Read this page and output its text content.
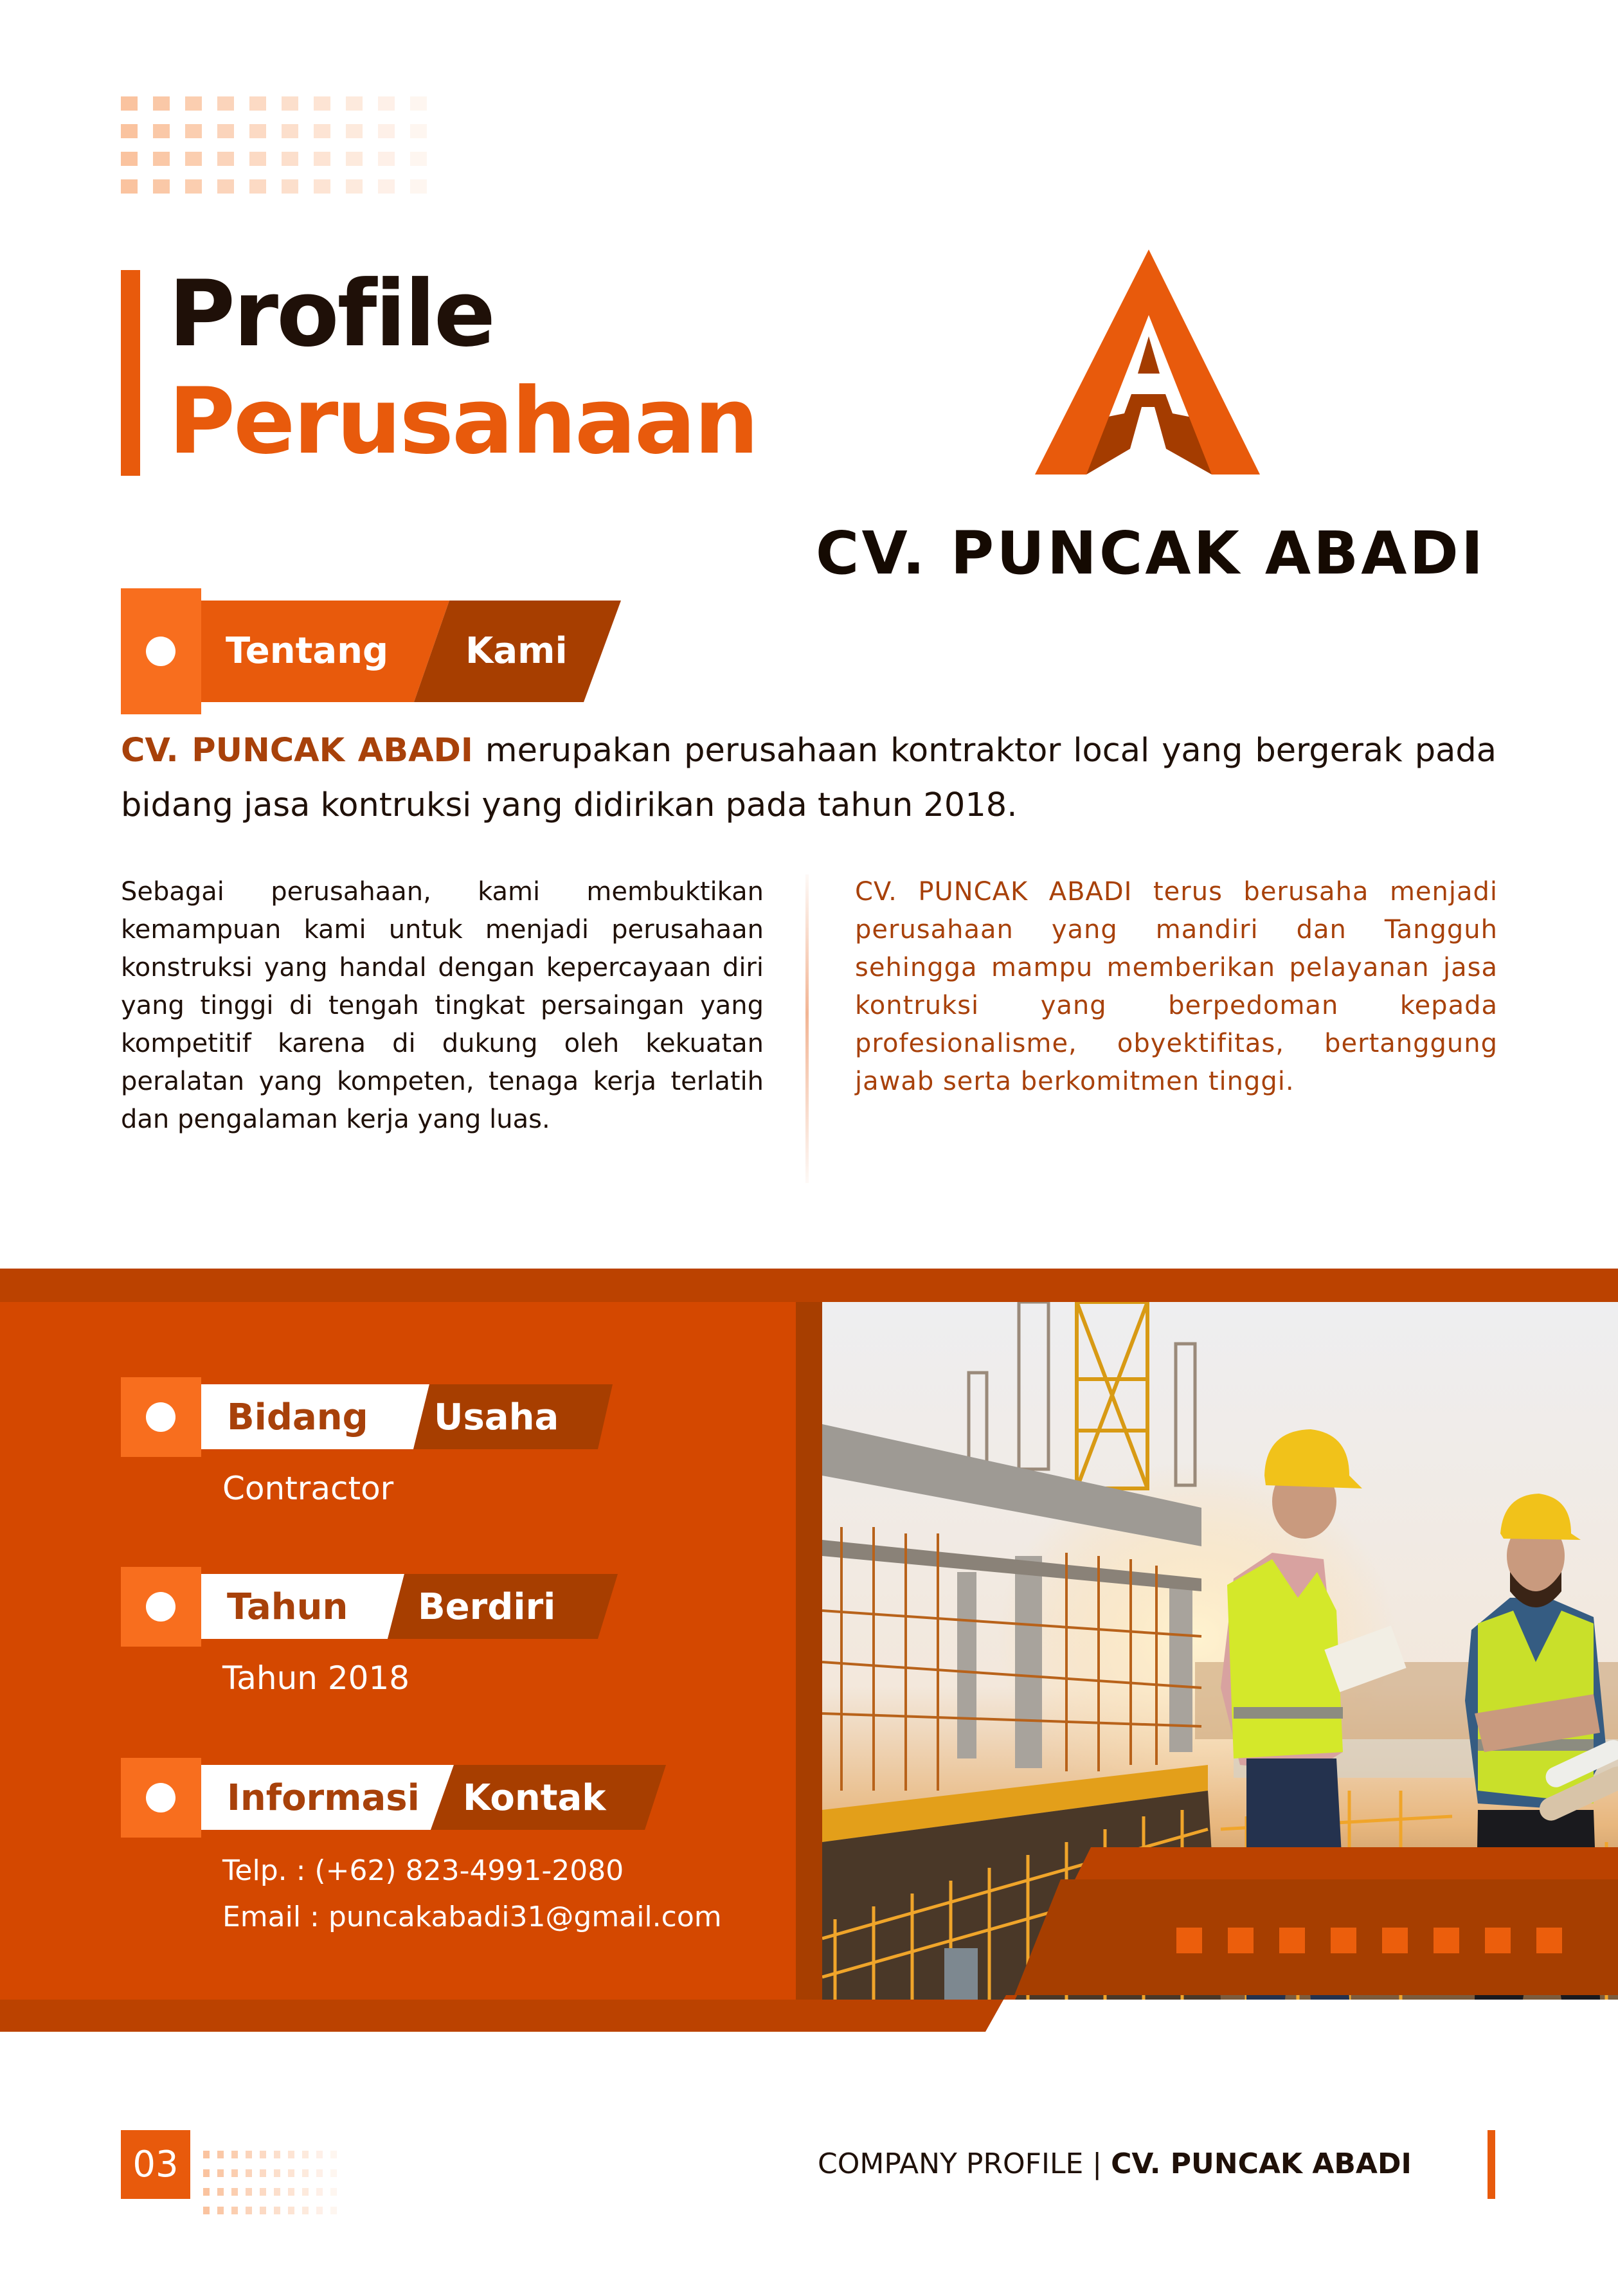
Profile
Perusahaan
CV. PUNCAK ABADI
Tentang Kami
CV. PUNCAK ABADI merupakan perusahaan kontraktor local yang bergerak pada bidang jasa kontruksi yang didirikan pada tahun 2018.
Sebagai perusahaan, kami membuktikan kemampuan kami untuk menjadi perusahaan konstruksi yang handal dengan kepercayaan diri yang tinggi di tengah tingkat persaingan yang kompetitif karena di dukung oleh kekuatan peralatan yang kompeten, tenaga kerja terlatih dan pengalaman kerja yang luas.
CV. PUNCAK ABADI terus berusaha menjadi perusahaan yang mandiri dan Tangguh sehingga mampu memberikan pelayanan jasa kontruksi yang berpedoman kepada profesionalisme, obyektifitas, bertanggung jawab serta berkomitmen tinggi.
Bidang Usaha
Contractor
Tahun Berdiri
Tahun 2018
Informasi Kontak
Telp. : (+62) 823-4991-2080
Email : puncakabadi31@gmail.com
03	COMPANY PROFILE | CV. PUNCAK ABADI
